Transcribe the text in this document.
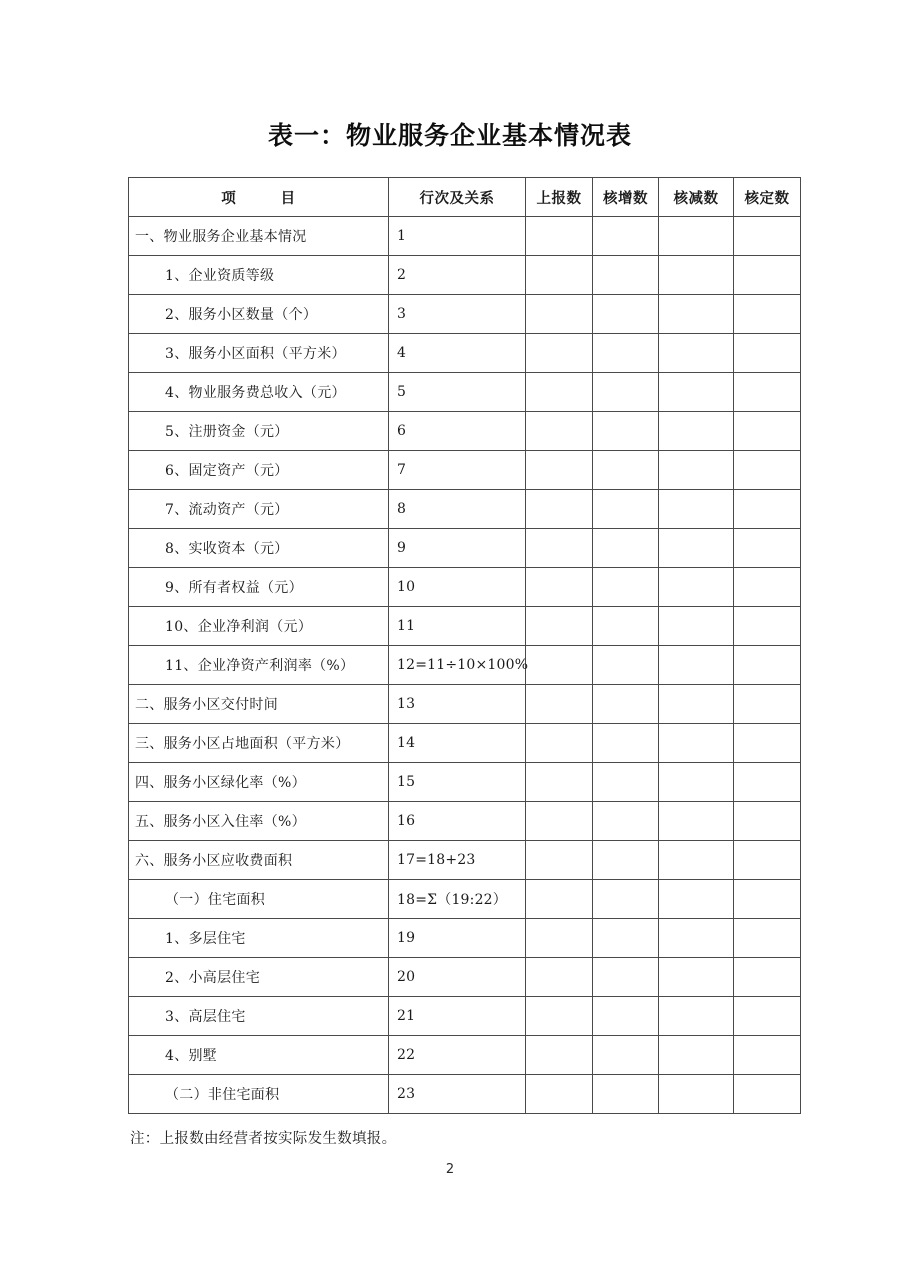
表一：物业服务企业基本情况表
项        目	行次及关系	上报数	核增数	核减数	核定数
一、物业服务企业基本情况	1				
1、企业资质等级	2				
2、服务小区数量（个）	3				
3、服务小区面积（平方米）	4				
4、物业服务费总收入（元）	5				
5、注册资金（元）	6				
6、固定资产（元）	7				
7、流动资产（元）	8				
8、实收资本（元）	9				
9、所有者权益（元）	10				
10、企业净利润（元）	11				
11、企业净资产利润率（%）	12=11÷10×100%				
二、服务小区交付时间	13				
三、服务小区占地面积（平方米）	14				
四、服务小区绿化率（%）	15				
五、服务小区入住率（%）	16				
六、服务小区应收费面积	17=18+23				
（一）住宅面积	18=Σ（19:22）				
1、多层住宅	19				
2、小高层住宅	20				
3、高层住宅	21				
4、别墅	22				
（二）非住宅面积	23				
注：上报数由经营者按实际发生数填报。
2
